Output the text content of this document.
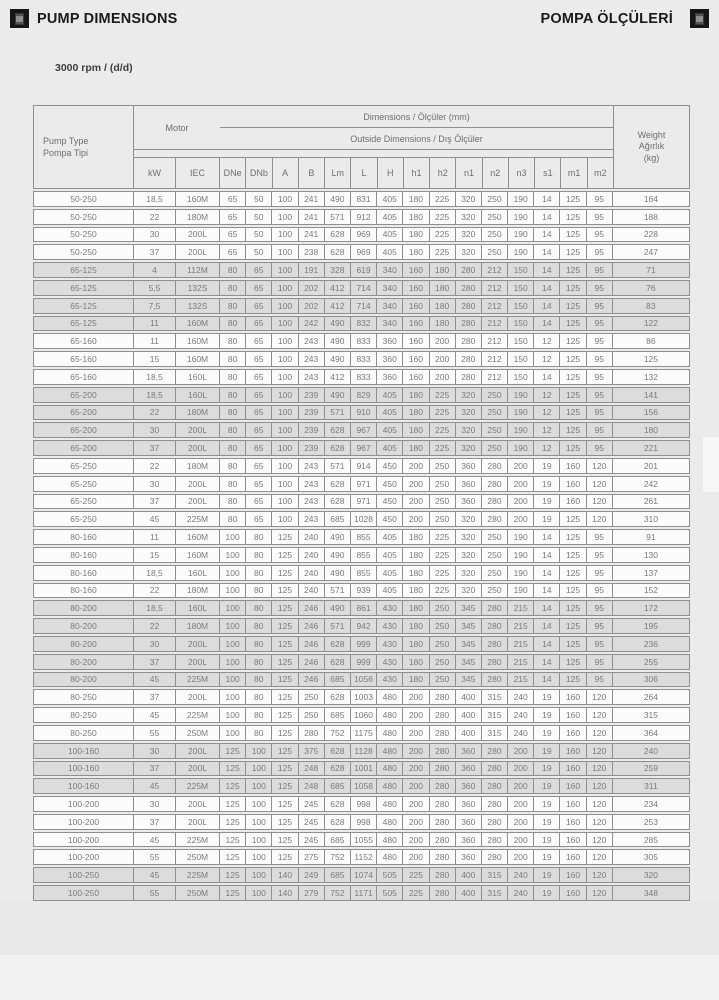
PUMP DIMENSIONS	POMPA ÖLÇÜLERİ
3000 rpm / (d/d)
Pump Type
Pompa Tipi
Motor
kW	IEC
Dimensions / Ölçüler (mm)
Outside Dimensions / Dış Ölçüler
DNe DNb	A	B	Lm	L	H	h1	h2	n1	n2	n3	s1	m1	m2
Weight
Ağırlık
(kg)
50-250	18,5	160M	65	50	100	241	490	831	405	180	225	320	250	190	14	125	95	164
50-250	22	180M	65	50	100	241	571	912	405	180	225	320	250	190	14	125	95	188
50-250	30	200L	65	50	100	241	628	969	405	180	225	320	250	190	14	125	95	228
50-250	37	200L	65	50	100	238	628	969	405	180	225	320	250	190	14	125	95	247
65-125	4	112M	80	65	100	191	328	619	340	160	180	280	212	150	14	125	95	71
65-125	5,5	132S	80	65	100	202	412	714	340	160	180	280	212	150	14	125	95	76
65-125	7,5	132S	80	65	100	202	412	714	340	160	180	280	212	150	14	125	95	83
65-125	11	160M	80	65	100	242	490	832	340	160	180	280	212	150	14	125	95	122
65-160	11	160M	80	65	100	243	490	833	360	160	200	280	212	150	12	125	95	86
65-160	15	160M	80	65	100	243	490	833	360	160	200	280	212	150	12	125	95	125
65-160	18,5	160L	80	65	100	243	412	833	360	160	200	280	212	150	14	125	95	132
65-200	18,5	160L	80	65	100	239	490	829	405	180	225	320	250	190	12	125	95	141
65-200	22	180M	80	65	100	239	571	910	405	180	225	320	250	190	12	125	95	156
65-200	30	200L	80	65	100	239	628	967	405	180	225	320	250	190	12	125	95	180
65-200	37	200L	80	65	100	239	628	967	405	180	225	320	250	190	12	125	95	221
65-250	22	180M	80	65	100	243	571	914	450	200	250	360	280	200	19	160	120	201
65-250	30	200L	80	65	100	243	628	971	450	200	250	360	280	200	19	160	120	242
65-250	37	200L	80	65	100	243	628	971	450	200	250	360	280	200	19	160	120	261
65-250	45	225M	80	65	100	243	685	1028	450	200	250	320	280	200	19	125	120	310
80-160	11	160M	100	80	125	240	490	855	405	180	225	320	250	190	14	125	95	91
80-160	15	160M	100	80	125	240	490	855	405	180	225	320	250	190	14	125	95	130
80-160	18,5	160L	100	80	125	240	490	855	405	180	225	320	250	190	14	125	95	137
80-160	22	180M	100	80	125	240	571	939	405	180	225	320	250	190	14	125	95	152
80-200	18,5	160L	100	80	125	246	490	861	430	180	250	345	280	215	14	125	95	172
80-200	22	180M	100	80	125	246	571	942	430	180	250	345	280	215	14	125	95	195
80-200	30	200L	100	80	125	246	628	999	430	180	250	345	280	215	14	125	95	236
80-200	37	200L	100	80	125	246	628	999	430	180	250	345	280	215	14	125	95	255
80-200	45	225M	100	80	125	246	685	1056	430	180	250	345	280	215	14	125	95	306
80-250	37	200L	100	80	125	250	628	1003	480	200	280	400	315	240	19	160	120	264
80-250	45	225M	100	80	125	250	685	1060	480	200	280	400	315	240	19	160	120	315
80-250	55	250M	100	80	125	280	752	1175	480	200	280	400	315	240	19	160	120	364
100-160	30	200L	125	100	125	375	628	1128	480	200	280	360	280	200	19	160	120	240
100-160	37	200L	125	100	125	248	628	1001	480	200	280	360	280	200	19	160	120	259
100-160	45	225M	125	100	125	248	685	1058	480	200	280	360	280	200	19	160	120	311
100-200	30	200L	125	100	125	245	628	998	480	200	280	360	280	200	19	160	120	234
100-200	37	200L	125	100	125	245	628	998	480	200	280	360	280	200	19	160	120	253
100-200	45	225M	125	100	125	245	685	1055	480	200	280	360	280	200	19	160	120	285
100-200	55	250M	125	100	125	275	752	1152	480	200	280	360	280	200	19	160	120	305
100-250	45	225M	125	100	140	249	685	1074	505	225	280	400	315	240	19	160	120	320
100-250	55	250M	125	100	140	279	752	1171	505	225	280	400	315	240	19	160	120	348
